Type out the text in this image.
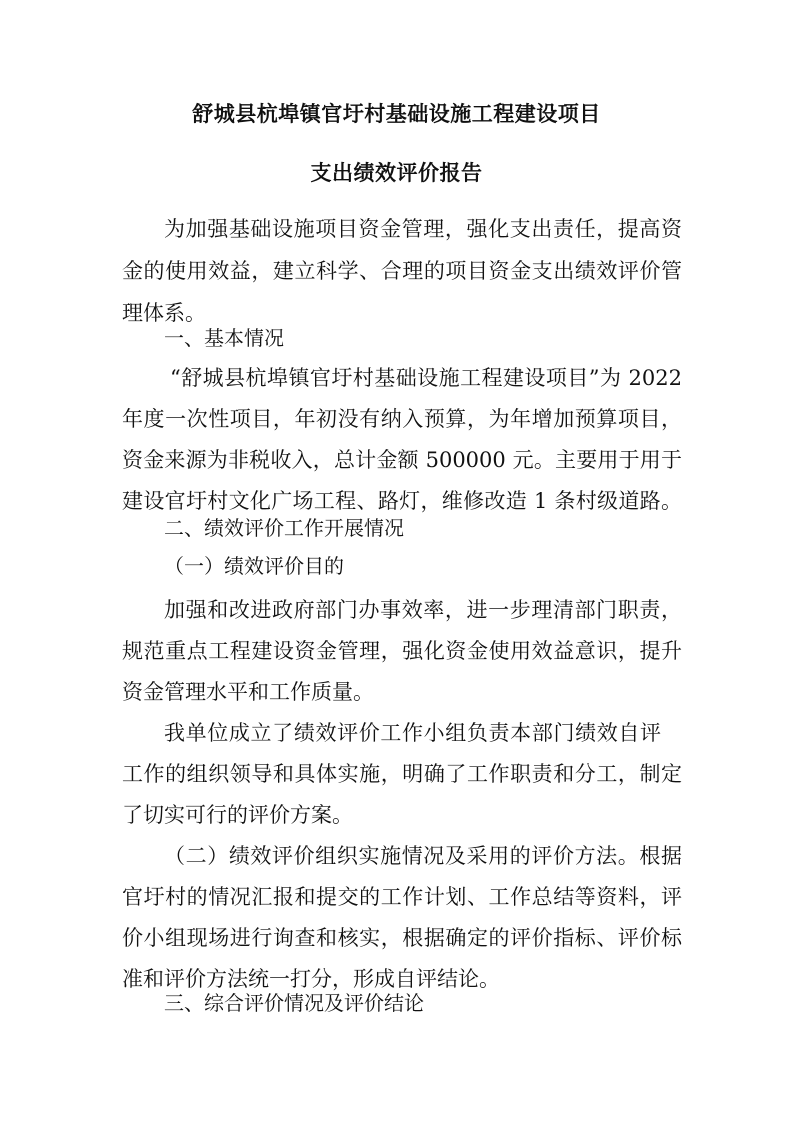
舒城县杭埠镇官圩村基础设施工程建设项目
支出绩效评价报告
为加强基础设施项目资金管理，强化支出责任，提高资
金的使用效益，建立科学、合理的项目资金支出绩效评价管
理体系。
一、基本情况
“舒城县杭埠镇官圩村基础设施工程建设项目”为 2022
年度一次性项目，年初没有纳入预算，为年增加预算项目，
资金来源为非税收入，总计金额 500000 元。主要用于用于
建设官圩村文化广场工程、路灯，维修改造 1 条村级道路。
二、绩效评价工作开展情况
（一）绩效评价目的
加强和改进政府部门办事效率，进一步理清部门职责，
规范重点工程建设资金管理，强化资金使用效益意识，提升
资金管理水平和工作质量。
我单位成立了绩效评价工作小组负责本部门绩效自评
工作的组织领导和具体实施，明确了工作职责和分工，制定
了切实可行的评价方案。
（二）绩效评价组织实施情况及采用的评价方法。根据
官圩村的情况汇报和提交的工作计划、工作总结等资料，评
价小组现场进行询查和核实，根据确定的评价指标、评价标
准和评价方法统一打分，形成自评结论。
三、综合评价情况及评价结论
